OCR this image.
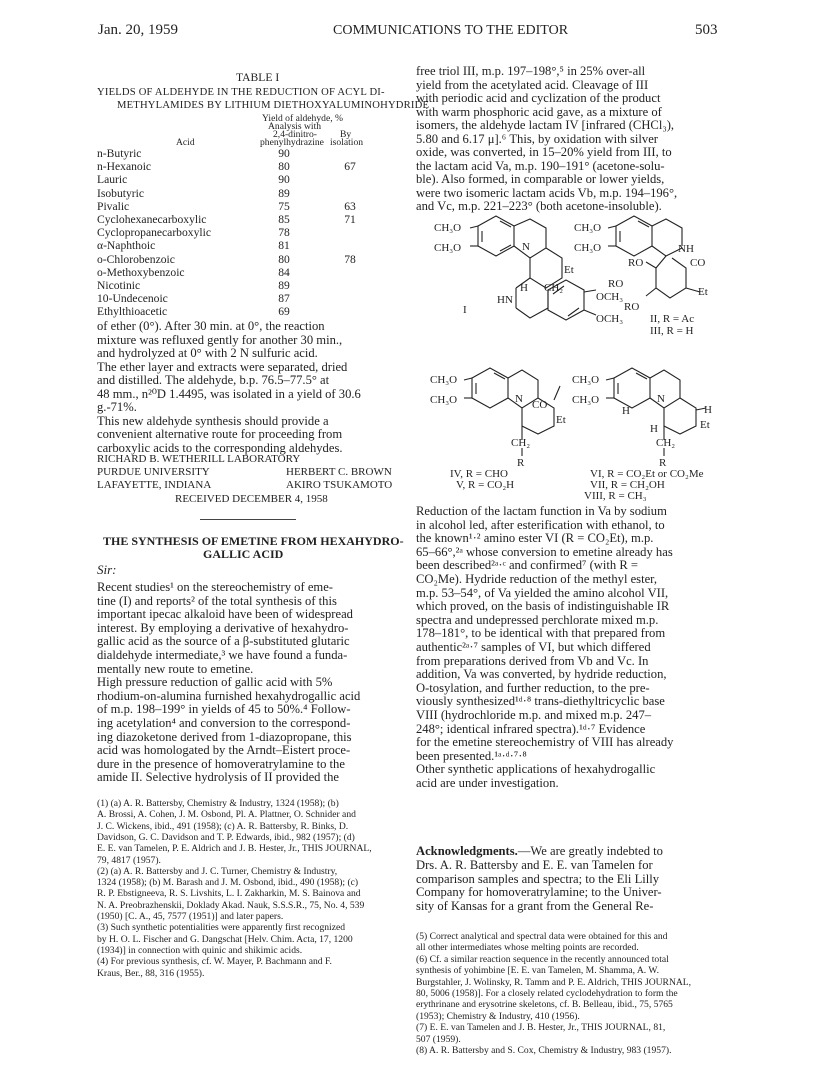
Jan. 20, 1959	COMMUNICATIONS TO THE EDITOR	503
TABLE I
YIELDS OF ALDEHYDE IN THE REDUCTION OF ACYL DI-
METHYLAMIDES BY LITHIUM DIETHOXYALUMINOHYDRIDE
Yield of aldehyde, %
Analysis with
2,4-dinitro- By
Acid	phenylhydrazine isolation
n-Butyric	90
n-Hexanoic	80	67
Lauric	90
Isobutyric	89
Pivalic	75	63
Cyclohexanecarboxylic	85	71
Cyclopropanecarboxylic	78
α-Naphthoic	81
o-Chlorobenzoic	80	78
o-Methoxybenzoic	84
Nicotinic	89
10-Undecenoic	87
Ethylthioacetic	69
of ether (0°). After 30 min. at 0°, the reaction
mixture was refluxed gently for another 30 min.,
and hydrolyzed at 0° with 2 N sulfuric acid.
The ether layer and extracts were separated, dried
and distilled. The aldehyde, b.p. 76.5–77.5° at
48 mm., n²⁰D 1.4495, was isolated in a yield of 30.6
g.-71%.
This new aldehyde synthesis should provide a
convenient alternative route for proceeding from
carboxylic acids to the corresponding aldehydes.
RICHARD B. WETHERILL LABORATORY
PURDUE UNIVERSITY
LAFAYETTE, INDIANA
HERBERT C. BROWN
AKIRO TSUKAMOTO
RECEIVED DECEMBER 4, 1958
THE SYNTHESIS OF EMETINE FROM HEXAHYDRO-
GALLIC ACID
Sir:
Recent studies¹ on the stereochemistry of eme-
tine (I) and reports² of the total synthesis of this
important ipecac alkaloid have been of widespread
interest. By employing a derivative of hexahydro-
gallic acid as the source of a β-substituted glutaric
dialdehyde intermediate,³ we have found a funda-
mentally new route to emetine.
High pressure reduction of gallic acid with 5%
rhodium-on-alumina furnished hexahydrogallic acid
of m.p. 198–199° in yields of 45 to 50%.⁴ Follow-
ing acetylation⁴ and conversion to the correspond-
ing diazoketone derived from 1-diazopropane, this
acid was homologated by the Arndt–Eistert proce-
dure in the presence of homoveratrylamine to the
amide II. Selective hydrolysis of II provided the
(1) (a) A. R. Battersby, Chemistry & Industry, 1324 (1958); (b)
A. Brossi, A. Cohen, J. M. Osbond, Pl. A. Plattner, O. Schnider and
J. C. Wickens, ibid., 491 (1958); (c) A. R. Battersby, R. Binks, D.
Davidson, G. C. Davidson and T. P. Edwards, ibid., 982 (1957); (d)
E. E. van Tamelen, P. E. Aldrich and J. B. Hester, Jr., THIS JOURNAL,
79, 4817 (1957).
(2) (a) A. R. Battersby and J. C. Turner, Chemistry & Industry,
1324 (1958); (b) M. Barash and J. M. Osbond, ibid., 490 (1958); (c)
R. P. Ebstigneeva, R. S. Livshits, L. I. Zakharkin, M. S. Bainova and
N. A. Preobrazhenskii, Doklady Akad. Nauk, S.S.S.R., 75, No. 4, 539
(1950) [C. A., 45, 7577 (1951)] and later papers.
(3) Such synthetic potentialities were apparently first recognized
by H. O. L. Fischer and G. Dangschat [Helv. Chim. Acta, 17, 1200
(1934)] in connection with quinic and shikimic acids.
(4) For previous synthesis, cf. W. Mayer, P. Bachmann and F.
Kraus, Ber., 88, 316 (1955).
free triol III, m.p. 197–198°,⁵ in 25% over-all
yield from the acetylated acid. Cleavage of III
with periodic acid and cyclization of the product
with warm phosphoric acid gave, as a mixture of
isomers, the aldehyde lactam IV [infrared (CHCl₃),
5.80 and 6.17 μ].⁶ This, by oxidation with silver
oxide, was converted, in 15–20% yield from III, to
the lactam acid Va, m.p. 190–191° (acetone-solu-
ble). Also formed, in comparable or lower yields,
were two isomeric lactam acids Vb, m.p. 194–196°,
and Vc, m.p. 221–223° (both acetone-insoluble).
CH₃O
CH₃O	N
Et
H CH₂
HN	OCH₃
OCH₃
I
CH₃O
CH₃O	NH
RO	CO
Et
RO
RO
II, R = Ac
III, R = H
CH₃O
CH₃O	N CO
Et
CH₂
R
CH₃O
CH₃O	N
H	H
Et
H
CH₂
R
IV, R = CHO
V, R = CO₂H
VI, R = CO₂Et or CO₂Me
VII, R = CH₂OH
VIII, R = CH₃
Reduction of the lactam function in Va by sodium
in alcohol led, after esterification with ethanol, to
the known¹·² amino ester VI (R = CO₂Et), m.p.
65–66°,²ᵃ whose conversion to emetine already has
been described²ᵃ·ᶜ and confirmed⁷ (with R =
CO₂Me). Hydride reduction of the methyl ester,
m.p. 53–54°, of Va yielded the amino alcohol VII,
which proved, on the basis of indistinguishable IR
spectra and undepressed perchlorate mixed m.p.
178–181°, to be identical with that prepared from
authentic²ᵃ·⁷ samples of VI, but which differed
from preparations derived from Vb and Vc. In
addition, Va was converted, by hydride reduction,
O-tosylation, and further reduction, to the pre-
viously synthesized¹ᵈ·⁸ trans-diethyltricyclic base
VIII (hydrochloride m.p. and mixed m.p. 247–
248°; identical infrared spectra).¹ᵈ·⁷ Evidence
for the emetine stereochemistry of VIII has already
been presented.¹ᵃ·ᵈ·⁷·⁸
Other synthetic applications of hexahydrogallic
acid are under investigation.
Acknowledgments.—We are greatly indebted to
Drs. A. R. Battersby and E. E. van Tamelen for
comparison samples and spectra; to the Eli Lilly
Company for homoveratrylamine; to the Univer-
sity of Kansas for a grant from the General Re-
(5) Correct analytical and spectral data were obtained for this and
all other intermediates whose melting points are recorded.
(6) Cf. a similar reaction sequence in the recently announced total
synthesis of yohimbine [E. E. van Tamelen, M. Shamma, A. W.
Burgstahler, J. Wolinsky, R. Tamm and P. E. Aldrich, THIS JOURNAL,
80, 5006 (1958)]. For a closely related cyclodehydration to form the
erythrinane and erysotrine skeletons, cf. B. Belleau, ibid., 75, 5765
(1953); Chemistry & Industry, 410 (1956).
(7) E. E. van Tamelen and J. B. Hester, Jr., THIS JOURNAL, 81,
507 (1959).
(8) A. R. Battersby and S. Cox, Chemistry & Industry, 983 (1957).
